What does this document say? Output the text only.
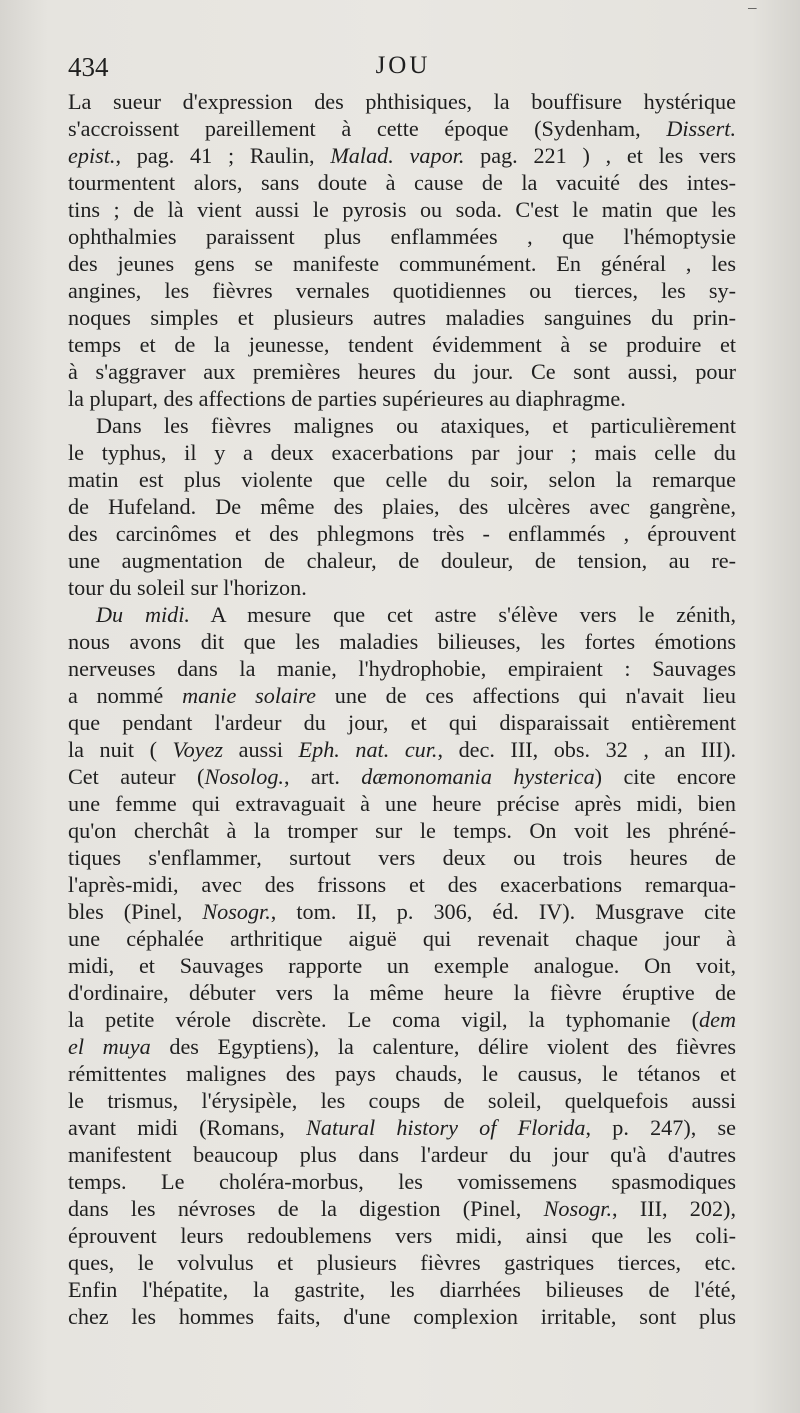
434	JOU
‾
La sueur d'expression des phthisiques, la bouffisure hystérique
s'accroissent pareillement à cette époque (Sydenham, Dissert.
epist., pag. 41 ; Raulin, Malad. vapor. pag. 221 ) , et les vers
tourmentent alors, sans doute à cause de la vacuité des intes-
tins ; de là vient aussi le pyrosis ou soda. C'est le matin que les
ophthalmies paraissent plus enflammées , que l'hémoptysie
des jeunes gens se manifeste communément. En général , les
angines, les fièvres vernales quotidiennes ou tierces, les sy-
noques simples et plusieurs autres maladies sanguines du prin-
temps et de la jeunesse, tendent évidemment à se produire et
à s'aggraver aux premières heures du jour. Ce sont aussi, pour
la plupart, des affections de parties supérieures au diaphragme.
Dans les fièvres malignes ou ataxiques, et particulièrement
le typhus, il y a deux exacerbations par jour ; mais celle du
matin est plus violente que celle du soir, selon la remarque
de Hufeland. De même des plaies, des ulcères avec gangrène,
des carcinômes et des phlegmons très - enflammés , éprouvent
une augmentation de chaleur, de douleur, de tension, au re-
tour du soleil sur l'horizon.
Du midi. A mesure que cet astre s'élève vers le zénith,
nous avons dit que les maladies bilieuses, les fortes émotions
nerveuses dans la manie, l'hydrophobie, empiraient : Sauvages
a nommé manie solaire une de ces affections qui n'avait lieu
que pendant l'ardeur du jour, et qui disparaissait entièrement
la nuit ( Voyez aussi Eph. nat. cur., dec. III, obs. 32 , an III).
Cet auteur (Nosolog., art. dæmonomania hysterica) cite encore
une femme qui extravaguait à une heure précise après midi, bien
qu'on cherchât à la tromper sur le temps. On voit les phréné-
tiques s'enflammer, surtout vers deux ou trois heures de
l'après-midi, avec des frissons et des exacerbations remarqua-
bles (Pinel, Nosogr., tom. II, p. 306, éd. IV). Musgrave cite
une céphalée arthritique aiguë qui revenait chaque jour à
midi, et Sauvages rapporte un exemple analogue. On voit,
d'ordinaire, débuter vers la même heure la fièvre éruptive de
la petite vérole discrète. Le coma vigil, la typhomanie (dem
el muya des Egyptiens), la calenture, délire violent des fièvres
rémittentes malignes des pays chauds, le causus, le tétanos et
le trismus, l'érysipèle, les coups de soleil, quelquefois aussi
avant midi (Romans, Natural history of Florida, p. 247), se
manifestent beaucoup plus dans l'ardeur du jour qu'à d'autres
temps. Le choléra-morbus, les vomissemens spasmodiques
dans les névroses de la digestion (Pinel, Nosogr., III, 202),
éprouvent leurs redoublemens vers midi, ainsi que les coli-
ques, le volvulus et plusieurs fièvres gastriques tierces, etc.
Enfin l'hépatite, la gastrite, les diarrhées bilieuses de l'été,
chez les hommes faits, d'une complexion irritable, sont plus
